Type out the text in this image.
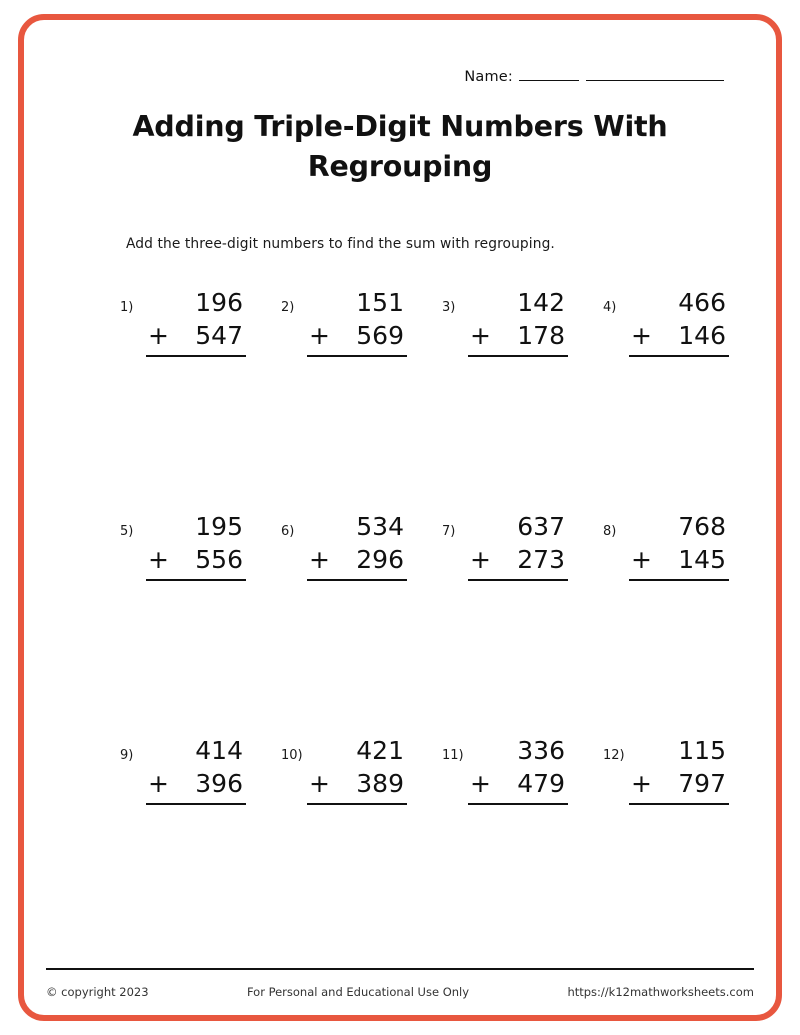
Name:
Adding Triple-Digit Numbers With Regrouping
Add the three-digit numbers to find the sum with regrouping.
1)	196
+ 547
2)	151
+ 569
3)	142
+ 178
4)	466
+ 146
5)	195
+ 556
6)	534
+ 296
7)	637
+ 273
8)	768
+ 145
9)	414
+ 396
10)	421
+ 389
11)	336
+ 479
12)	115
+ 797
© copyright 2023	For Personal and Educational Use Only	https://k12mathworksheets.com
